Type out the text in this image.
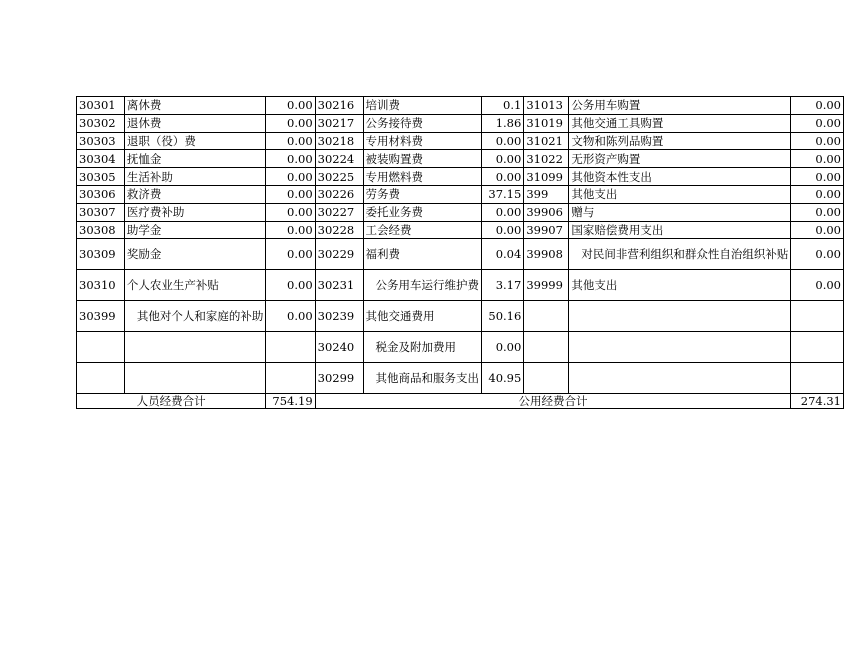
30301	离休费	0.00	30216	培训费	0.1	31013	公务用车购置	0.00
30302	退休费	0.00	30217	公务接待费	1.86	31019	其他交通工具购置	0.00
30303	退职（役）费	0.00	30218	专用材料费	0.00	31021	文物和陈列品购置	0.00
30304	抚恤金	0.00	30224	被装购置费	0.00	31022	无形资产购置	0.00
30305	生活补助	0.00	30225	专用燃料费	0.00	31099	其他资本性支出	0.00
30306	救济费	0.00	30226	劳务费	37.15	399	其他支出	0.00
30307	医疗费补助	0.00	30227	委托业务费	0.00	39906	赠与	0.00
30308	助学金	0.00	30228	工会经费	0.00	39907	国家赔偿费用支出	0.00
30309	奖励金	0.00	30229	福利费	0.04	39908	对民间非营利组织和群众性自治组织补贴	0.00
30310	个人农业生产补贴	0.00	30231	公务用车运行维护费	3.17	39999	其他支出	0.00
30399	其他对个人和家庭的补助	0.00	30239	其他交通费用	50.16			
			30240	税金及附加费用	0.00			
			30299	其他商品和服务支出	40.95			
人员经费合计		754.19	公用经费合计					274.31
